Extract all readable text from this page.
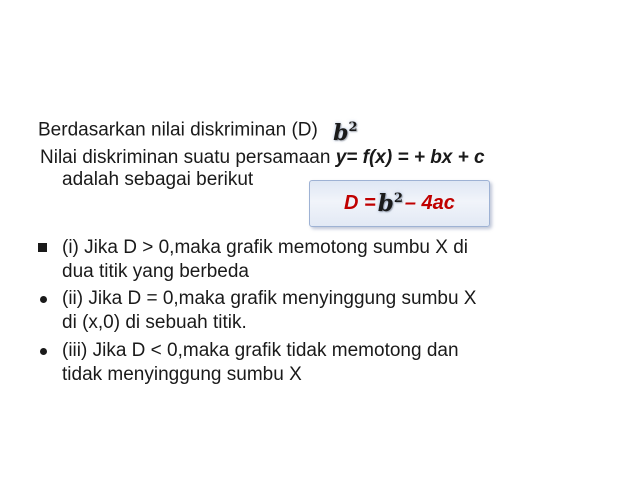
Berdasarkan nilai diskriminan (D) $b^2$
Nilai diskriminan suatu persamaan y= f(x) = + bx + c
adalah sebagai berikut
$D = b^2 - 4ac$
(i) Jika D > 0,maka grafik memotong sumbu X di
dua titik yang berbeda
(ii) Jika D = 0,maka grafik menyinggung sumbu X
di (x,0) di sebuah titik.
(iii) Jika D < 0,maka grafik tidak memotong dan
tidak menyinggung sumbu X
